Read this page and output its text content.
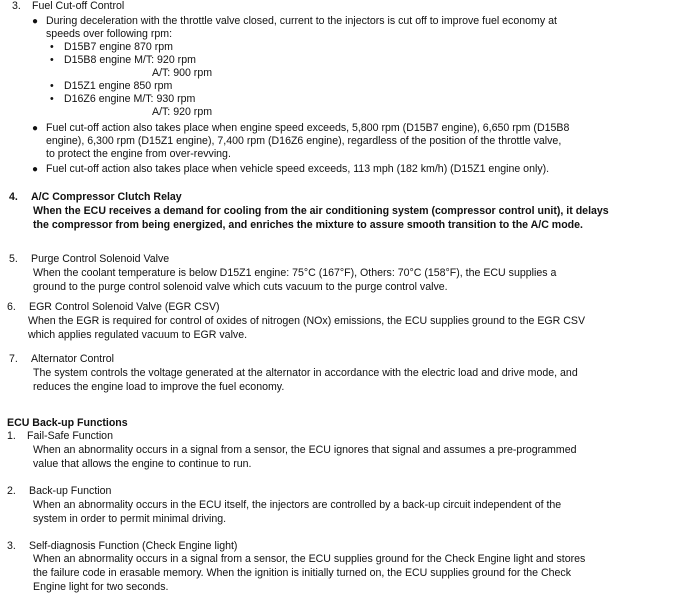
3. Fuel Cut-off Control
● During deceleration with the throttle valve closed, current to the injectors is cut off to improve fuel economy at
speeds over following rpm:
• D15B7 engine 870 rpm
• D15B8 engine M/T: 920 rpm
A/T: 900 rpm
• D15Z1 engine 850 rpm
• D16Z6 engine M/T: 930 rpm
A/T: 920 rpm
● Fuel cut-off action also takes place when engine speed exceeds, 5,800 rpm (D15B7 engine), 6,650 rpm (D15B8
engine), 6,300 rpm (D15Z1 engine), 7,400 rpm (D16Z6 engine), regardless of the position of the throttle valve,
to protect the engine from over-revving.
● Fuel cut-off action also takes place when vehicle speed exceeds, 113 mph (182 km/h) (D15Z1 engine only).
4. A/C Compressor Clutch Relay
When the ECU receives a demand for cooling from the air conditioning system (compressor control unit), it delays
the compressor from being energized, and enriches the mixture to assure smooth transition to the A/C mode.
5. Purge Control Solenoid Valve
When the coolant temperature is below D15Z1 engine: 75°C (167°F), Others: 70°C (158°F), the ECU supplies a
ground to the purge control solenoid valve which cuts vacuum to the purge control valve.
6. EGR Control Solenoid Valve (EGR CSV)
When the EGR is required for control of oxides of nitrogen (NOx) emissions, the ECU supplies ground to the EGR CSV
which applies regulated vacuum to EGR valve.
7. Alternator Control
The system controls the voltage generated at the alternator in accordance with the electric load and drive mode, and
reduces the engine load to improve the fuel economy.
ECU Back-up Functions
1. Fail-Safe Function
When an abnormality occurs in a signal from a sensor, the ECU ignores that signal and assumes a pre-programmed
value that allows the engine to continue to run.
2. Back-up Function
When an abnormality occurs in the ECU itself, the injectors are controlled by a back-up circuit independent of the
system in order to permit minimal driving.
3. Self-diagnosis Function (Check Engine light)
When an abnormality occurs in a signal from a sensor, the ECU supplies ground for the Check Engine light and stores
the failure code in erasable memory. When the ignition is initially turned on, the ECU supplies ground for the Check
Engine light for two seconds.
